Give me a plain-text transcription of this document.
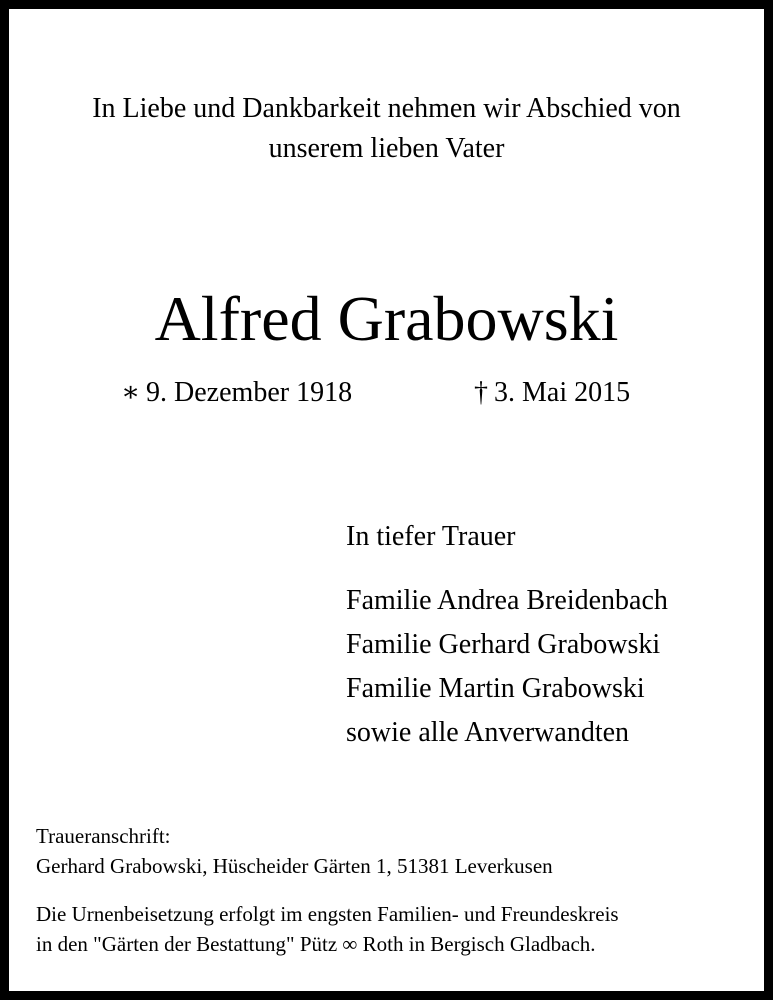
In Liebe und Dankbarkeit nehmen wir Abschied von
unserem lieben Vater
Alfred Grabowski
∗ 9. Dezember 1918	† 3. Mai 2015
In tiefer Trauer
Familie Andrea Breidenbach
Familie Gerhard Grabowski
Familie Martin Grabowski
sowie alle Anverwandten
Traueranschrift:
Gerhard Grabowski, Hüscheider Gärten 1, 51381 Leverkusen
Die Urnenbeisetzung erfolgt im engsten Familien- und Freundeskreis
in den "Gärten der Bestattung" Pütz ∞ Roth in Bergisch Gladbach.
